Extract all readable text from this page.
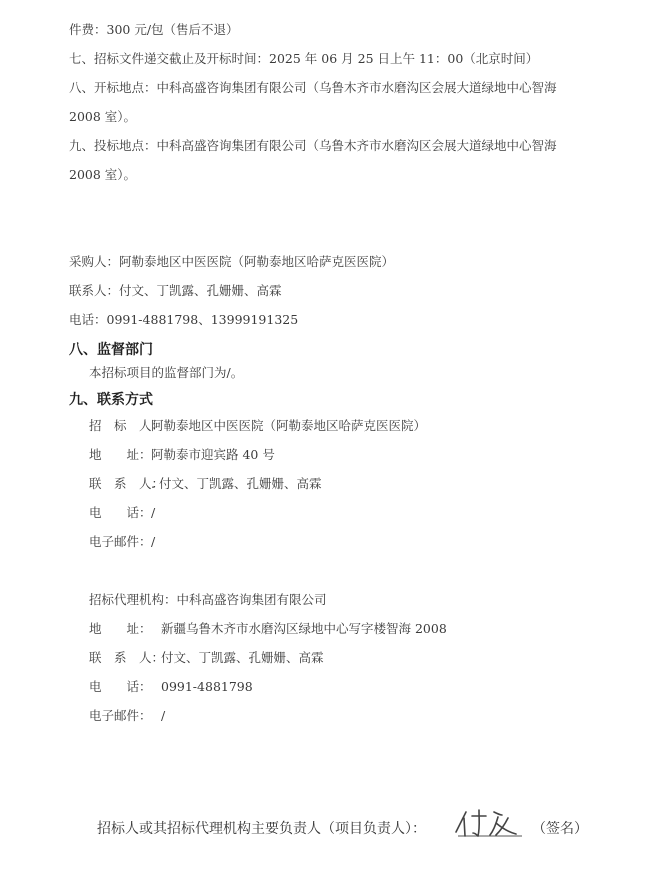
件费：300 元/包（售后不退）
七、招标文件递交截止及开标时间：2025 年 06 月 25 日上午 11：00（北京时间）
八、开标地点：中科高盛咨询集团有限公司（乌鲁木齐市水磨沟区会展大道绿地中心智海
2008 室）。
九、投标地点：中科高盛咨询集团有限公司（乌鲁木齐市水磨沟区会展大道绿地中心智海
2008 室）。
采购人：阿勒泰地区中医医院（阿勒泰地区哈萨克医医院）
联系人：付文、丁凯露、孔姗姗、高霖
电话：0991-4881798、13999191325
八、监督部门
本招标项目的监督部门为/。
九、联系方式
招　标　人：阿勒泰地区中医医院（阿勒泰地区哈萨克医医院）
地　　址：阿勒泰市迎宾路 40 号
联　系　人：. 付文、丁凯露、孔姗姗、高霖
电　　话：/
电子邮件：/
招标代理机构：中科高盛咨询集团有限公司
地　　址： 新疆乌鲁木齐市水磨沟区绿地中心写字楼智海 2008
联　系　人：付文、丁凯露、孔姗姗、高霖
电　　话： 0991-4881798
电子邮件： /
招标人或其招标代理机构主要负责人（项目负责人）：	（签名）
